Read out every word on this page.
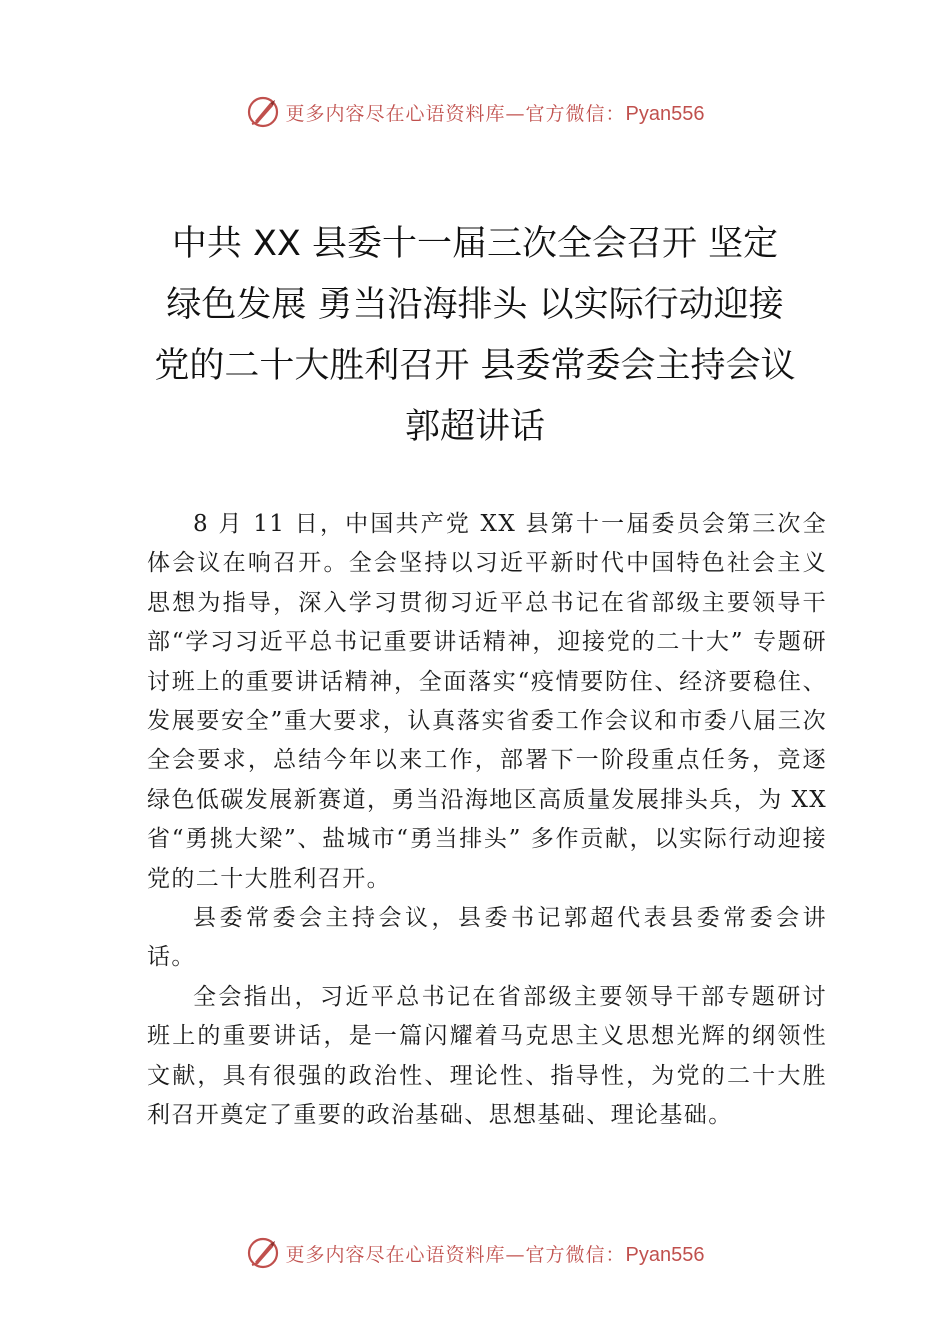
更多内容尽在心语资料库—官方微信：Pyan556
中共 XX 县委十一届三次全会召开 坚定
绿色发展 勇当沿海排头 以实际行动迎接
党的二十大胜利召开 县委常委会主持会议
郭超讲话

8 月 11 日，中国共产党 XX 县第十一届委员会第三次全体会议在响召开。全会坚持以习近平新时代中国特色社会主义思想为指导，深入学习贯彻习近平总书记在省部级主要领导干部“学习习近平总书记重要讲话精神，迎接党的二十大” 专题研讨班上的重要讲话精神，全面落实“疫情要防住、经济要稳住、发展要安全”重大要求，认真落实省委工作会议和市委八届三次全会要求，总结今年以来工作，部署下一阶段重点任务，竞逐绿色低碳发展新赛道，勇当沿海地区高质量发展排头兵，为 XX 省“勇挑大梁”、盐城市“勇当排头” 多作贡献，以实际行动迎接党的二十大胜利召开。

县委常委会主持会议，县委书记郭超代表县委常委会讲话。

全会指出，习近平总书记在省部级主要领导干部专题研讨班上的重要讲话，是一篇闪耀着马克思主义思想光辉的纲领性文献，具有很强的政治性、理论性、指导性，为党的二十大胜利召开奠定了重要的政治基础、思想基础、理论基础。

更多内容尽在心语资料库—官方微信：Pyan556
